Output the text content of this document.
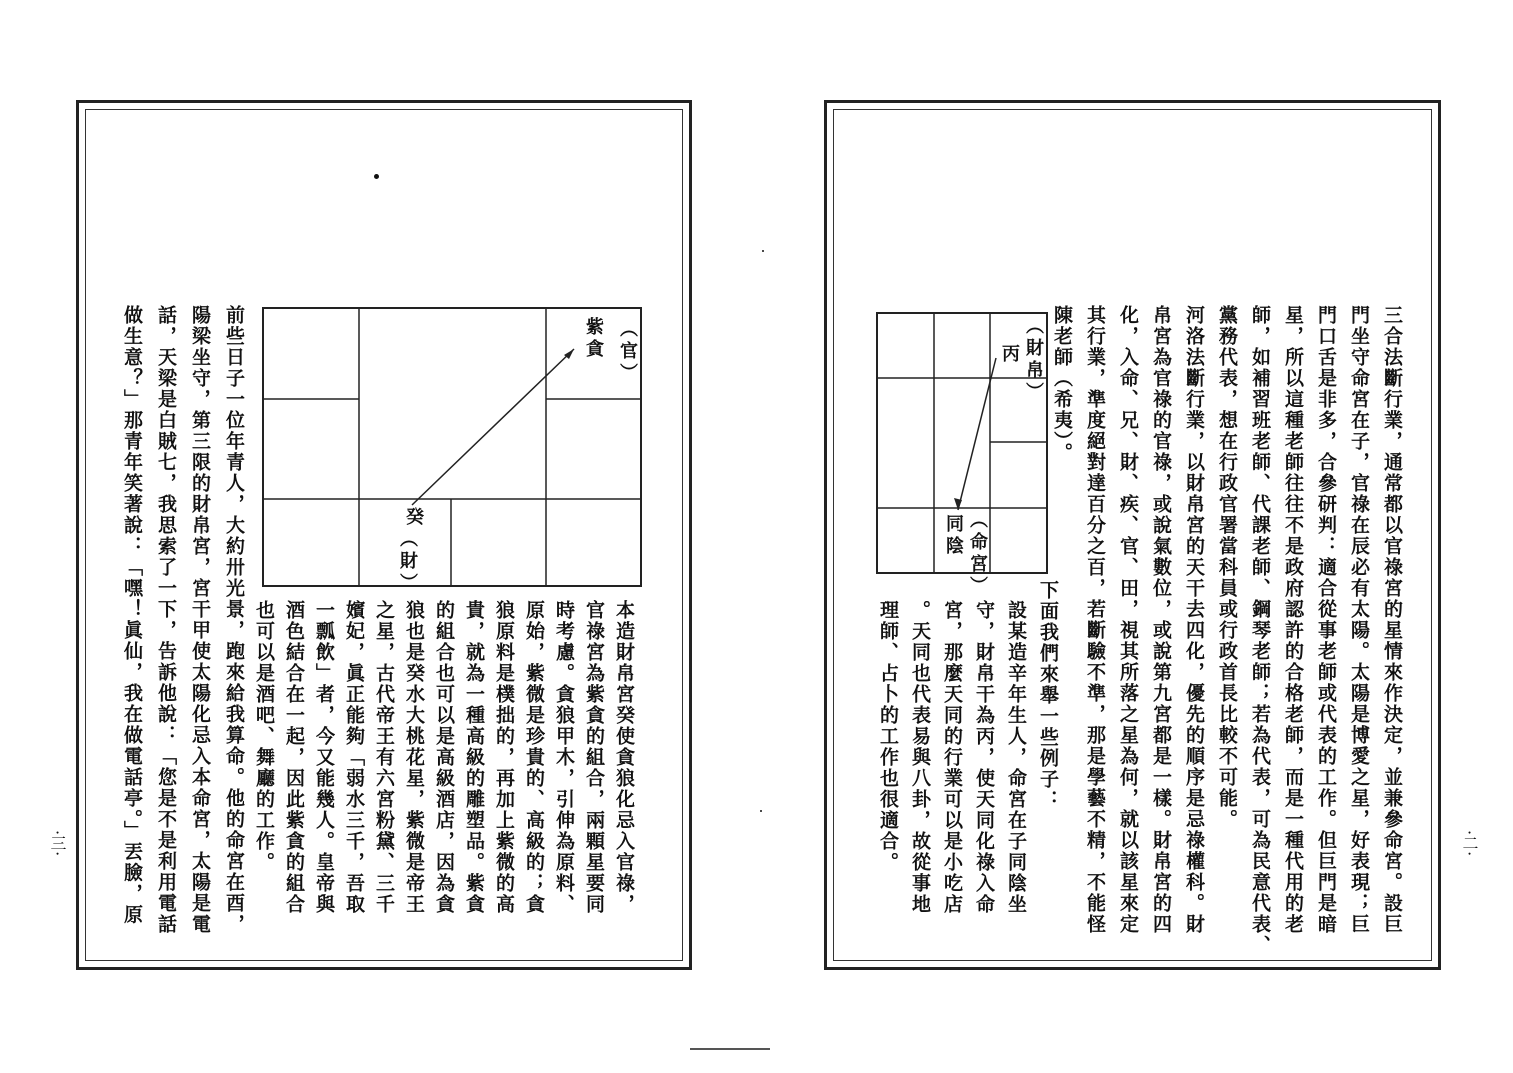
（官）
紫貪
癸
（財）
做生意？」那青年笑著說：「嘿！眞仙，我在做電話亭。」丟臉，原 話，天梁是白賊七，我思索了一下，告訴他說：「您是不是利用電話 陽梁坐守，第三限的財帛宮，宮干甲使太陽化忌入本命宮，太陽是電 前些日子一位年青人，大約卅光景，跑來給我算命。他的命宮在酉， 也可以是酒吧、舞廳的工作。 酒色結合在一起，因此紫貪的組合 一瓢飲」者，今又能幾人。皇帝與 嬪妃，眞正能夠「弱水三千，吾取 之星，古代帝王有六宮粉黛、三千 狼也是癸水大桃花星，紫微是帝王 的組合也可以是高級酒店，因為貪 貴，就為一種高級的雕塑品。紫貪 狼原料是樸拙的，再加上紫微的高 原始，紫微是珍貴的、高級的；貪 時考慮。貪狼甲木，引伸為原料、 官祿宮為紫貪的組合，兩顆星要同 本造財帛宮癸使貪狼化忌入官祿，
·三·	三合法斷行業，通常都以官祿宮的星情來作決定，並兼參命宮。設巨
門坐守命宮在子，官祿在辰必有太陽。太陽是博愛之星，好表現；巨
門口舌是非多，合參研判：適合從事老師或代表的工作。但巨門是暗
星，所以這種老師往往不是政府認許的合格老師，而是一種代用的老
師，如補習班老師、代課老師、鋼琴老師；若為代表，可為民意代表、
黨務代表，想在行政官署當科員或行政首長比較不可能。
河洛法斷行業，以財帛宮的天干去四化，優先的順序是忌祿權科。財
帛宮為官祿的官祿，或說氣數位，或說第九宮都是一樣。財帛宮的四
化，入命、兄、財、疾、官、田，視其所落之星為何，就以該星來定
其行業，準度絕對達百分之百，若斷驗不準，那是學藝不精，不能怪
陳老師（希夷）。
（財帛）
丙
（命宮）
同陰
下面我們來舉一些例子：
設某造辛年生人，命宮在子同陰坐
守，財帛干為丙，使天同化祿入命
宮，那麼天同的行業可以是小吃店
。天同也代表易與八卦，故從事地
理師、占卜的工作也很適合。	·二·
